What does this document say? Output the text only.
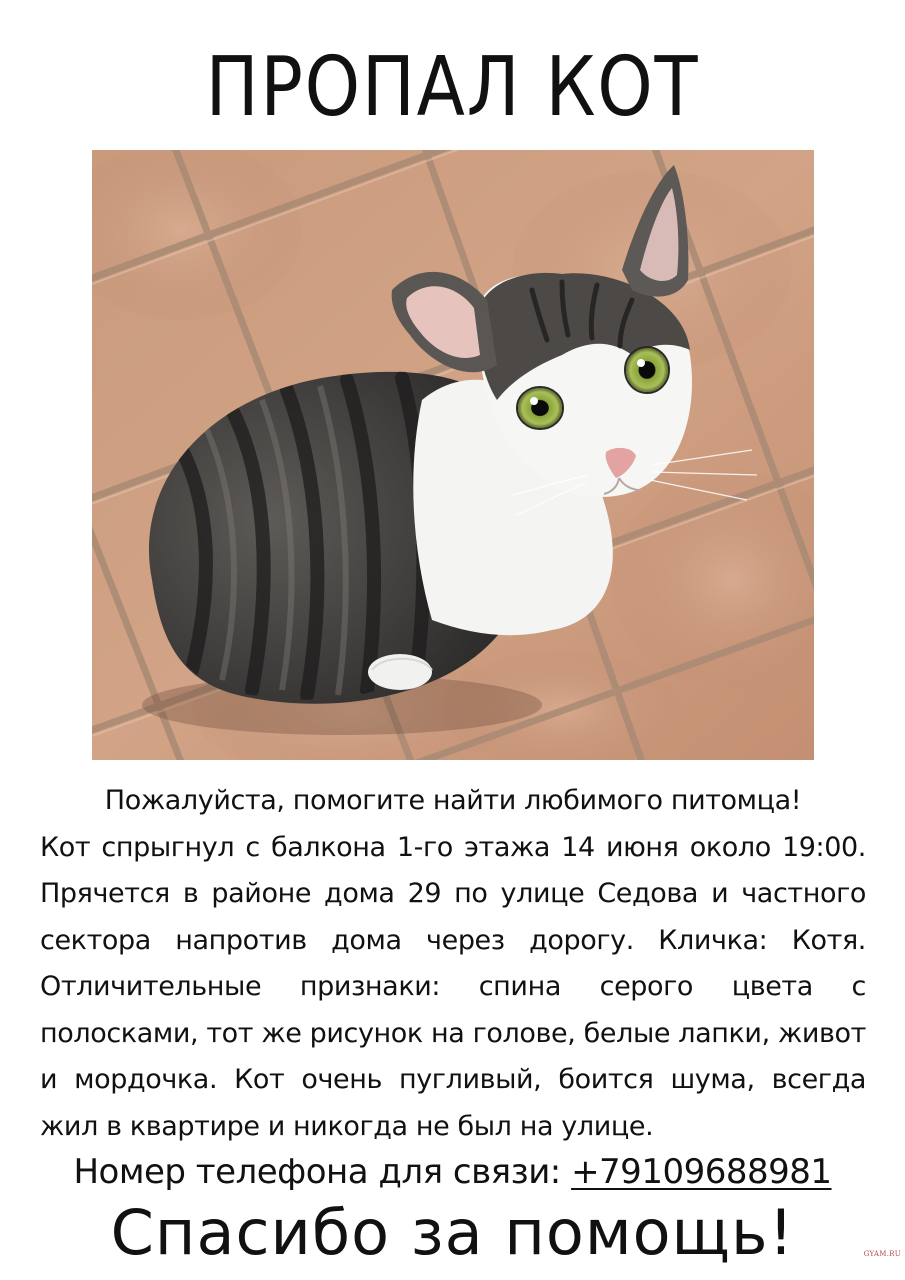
ПРОПАЛ КОТ

Пожалуйста, помогите найти любимого питомца!

Кот спрыгнул с балкона 1-го этажа 14 июня около 19:00. Прячется в районе дома 29 по улице Седова и частного сектора напротив дома через дорогу. Кличка: Котя. Отличительные признаки: спина серого цвета с полосками, тот же рисунок на голове, белые лапки, живот и мордочка. Кот очень пугливый, боится шума, всегда жил в квартире и никогда не был на улице.

Номер телефона для связи: +79109688981
Спасибо за помощь!	GYAM.RU
